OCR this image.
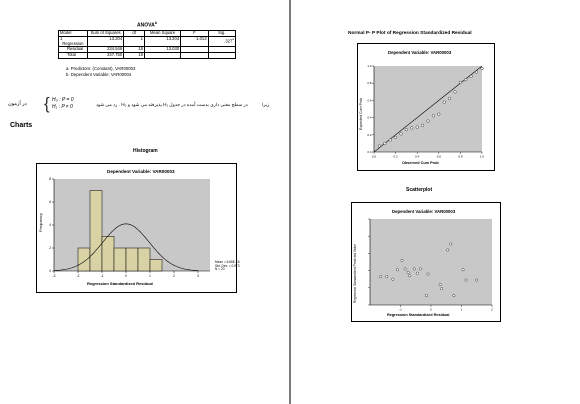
ANOVA$^b$
Model	Sum of Squares	df	Mean Square	F	Sig.
1   Regression	13.204	1	13.204	1.013	.327$^a$
Residual	234.546	18	13.030		
Total	247.750	19			
a. Predictors: (Constant), VAR00003
b. Dependent Variable: VAR00004
در آزمون { H₀ : P = 0
H₁ : P ≠ 0	رد می شود . H₀ پذیرفته می شود و H₁ در سطح معنی داری بدست آمده در جدول	زیرا
Charts
Histogram
Dependent Variable: VAR00003
-3	-2	-1	0	1	2	3
0
2
4
6
8
Frequency
Regression Standardized Residual
Mean = 6.66E-16
Std. Dev. = 0.973
N = 20
Normal P- P Plot of Regression Standardized Residual
Dependent Variable: VAR00003
0.0
0.0
0.2
0.2
0.4
0.4
0.6
0.6
0.8
0.8
1.0
1.0
Expected Cum Prob
Observed Cum Prob
Scatterplot
Dependent Variable: VAR00003
-1	0	1	2
Regression Standardized Predicted Value
Regression Standardized Residual
